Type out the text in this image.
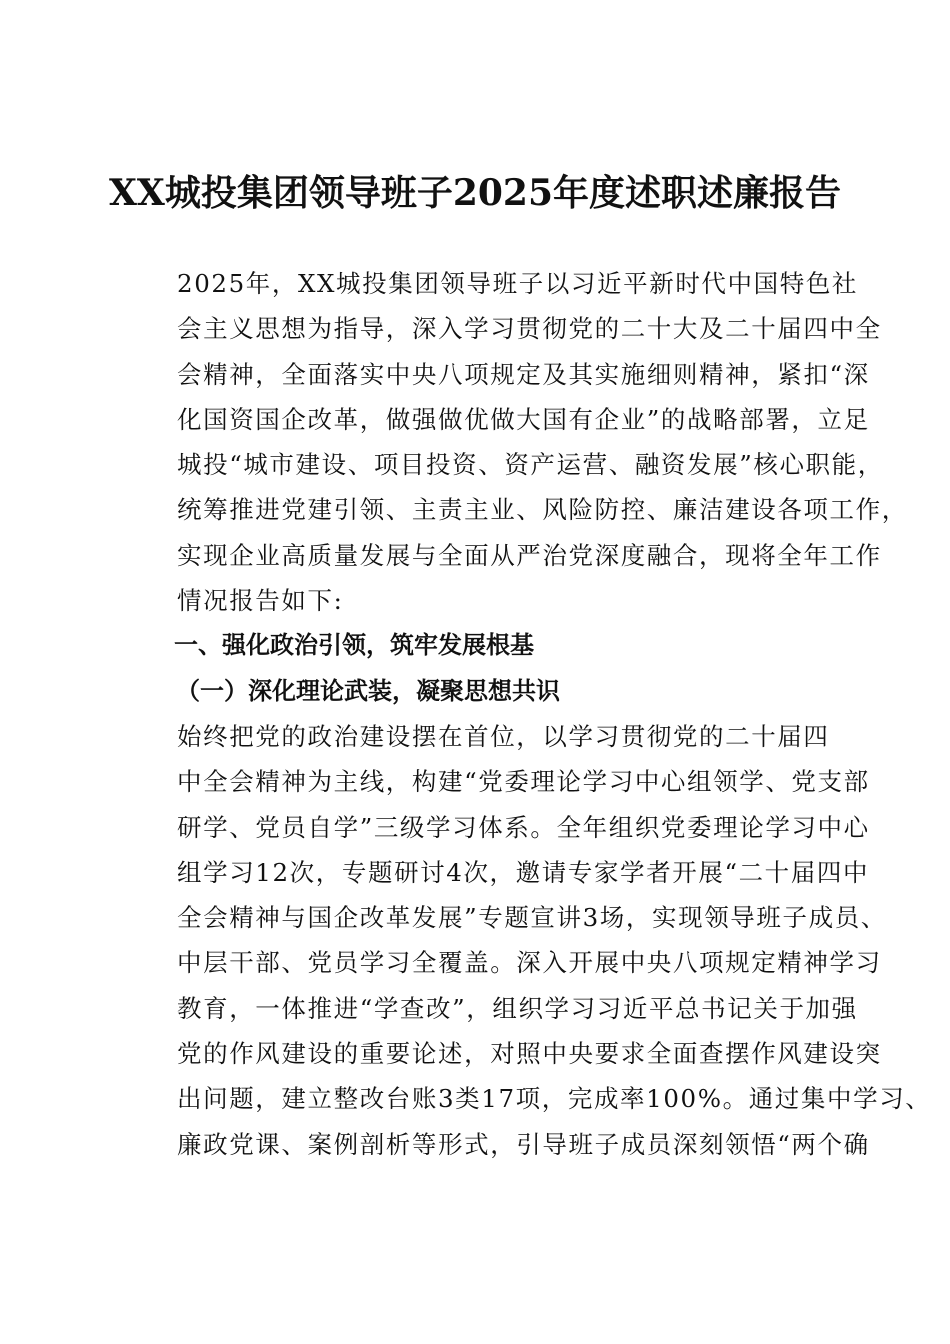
XX城投集团领导班子2025年度述职述廉报告

2025年，XX城投集团领导班子以习近平新时代中国特色社
会主义思想为指导，深入学习贯彻党的二十大及二十届四中全
会精神，全面落实中央八项规定及其实施细则精神，紧扣“深
化国资国企改革，做强做优做大国有企业”的战略部署，立足
城投“城市建设、项目投资、资产运营、融资发展”核心职能，
统筹推进党建引领、主责主业、风险防控、廉洁建设各项工作，
实现企业高质量发展与全面从严治党深度融合，现将全年工作
情况报告如下:

一、强化政治引领，筑牢发展根基
（一）深化理论武装，凝聚思想共识

始终把党的政治建设摆在首位，以学习贯彻党的二十届四
中全会精神为主线，构建“党委理论学习中心组领学、党支部
研学、党员自学”三级学习体系。全年组织党委理论学习中心
组学习12次，专题研讨4次，邀请专家学者开展“二十届四中
全会精神与国企改革发展”专题宣讲3场，实现领导班子成员、
中层干部、党员学习全覆盖。深入开展中央八项规定精神学习
教育，一体推进“学查改”，组织学习习近平总书记关于加强
党的作风建设的重要论述，对照中央要求全面查摆作风建设突
出问题，建立整改台账3类17项，完成率100%。通过集中学习、
廉政党课、案例剖析等形式，引导班子成员深刻领悟“两个确
